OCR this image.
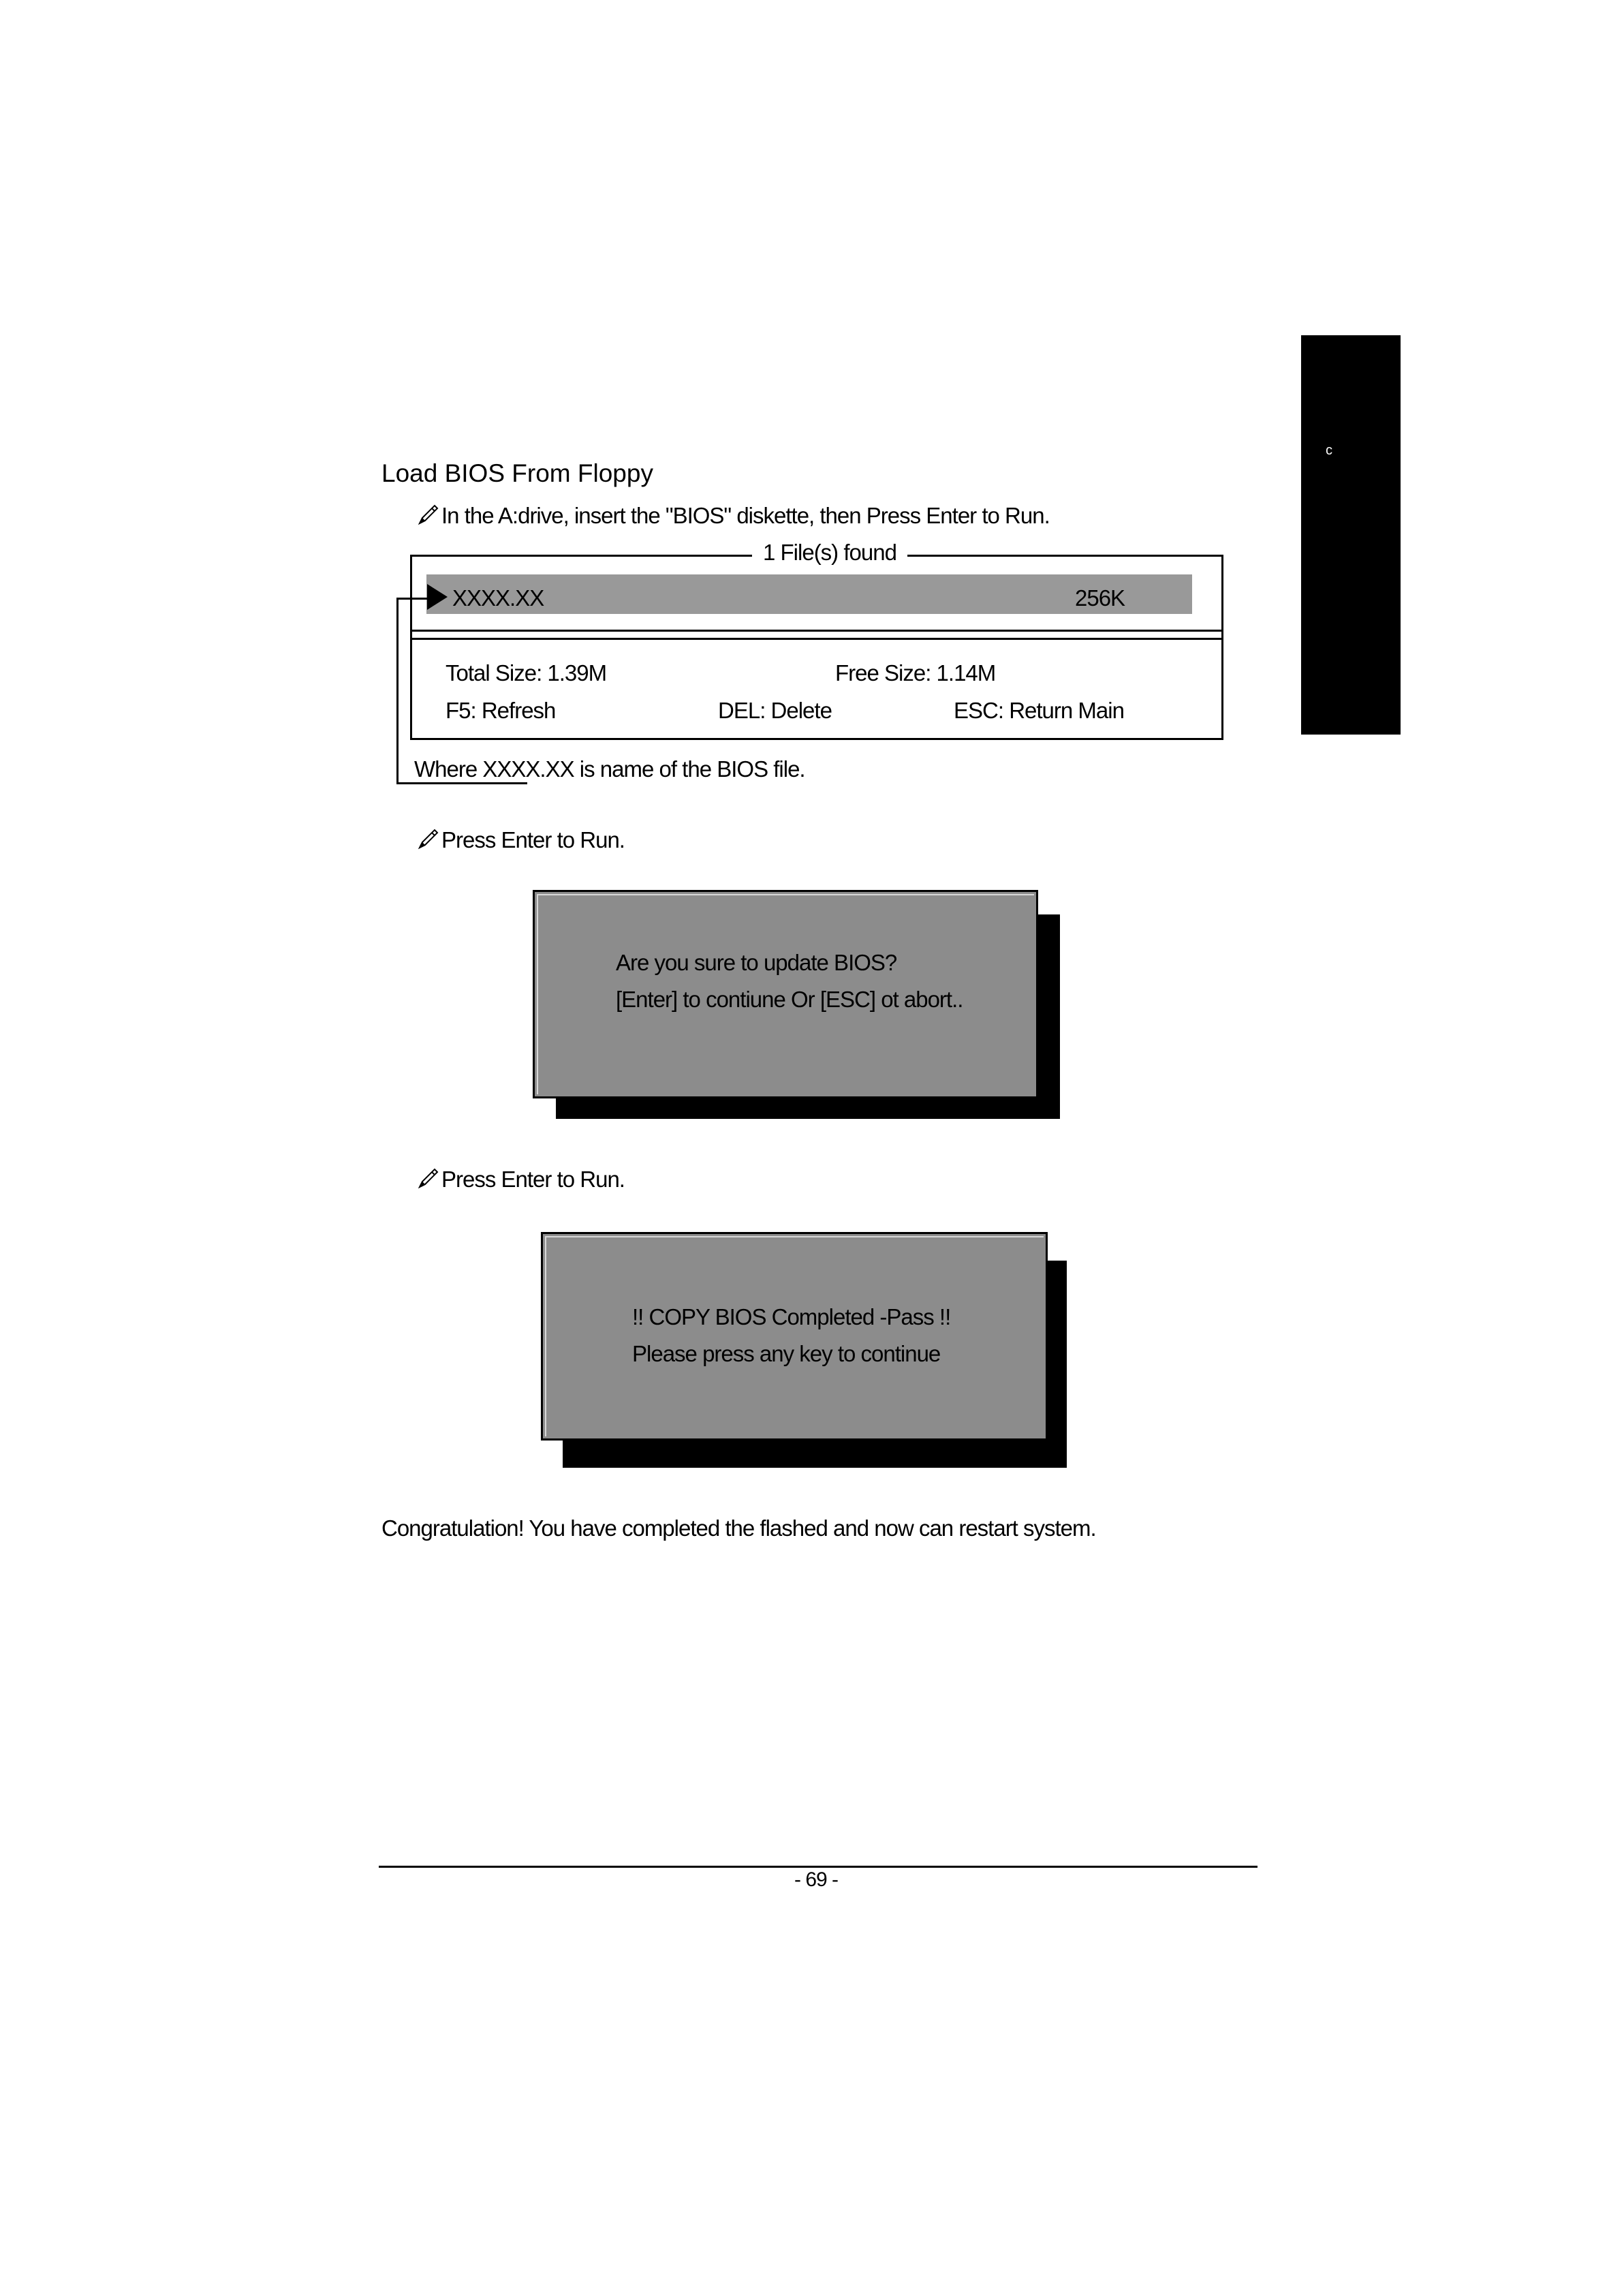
c
Load BIOS From Floppy
In the A:drive, insert the "BIOS" diskette, then Press Enter to Run.
1 File(s) found
XXXX.XX	256K
Total Size: 1.39M	Free Size: 1.14M
F5: Refresh	DEL: Delete	ESC: Return Main
Where XXXX.XX is name of the BIOS file.
Press Enter to Run.
Are you sure to update BIOS?
[Enter] to contiune Or [ESC] ot abort..
Press Enter to Run.
!! COPY BIOS Completed -Pass !!
Please press any key to continue
Congratulation! You have completed the flashed and now can restart system.
- 69 -
